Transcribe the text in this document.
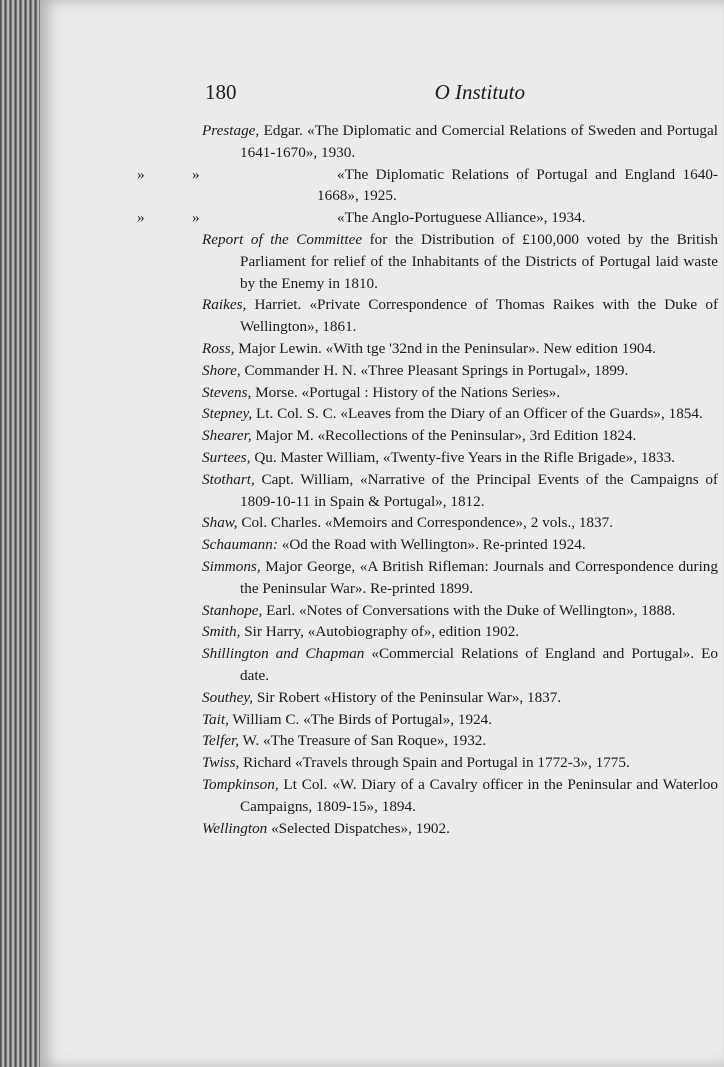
180	O Instituto

Prestage, Edgar. «The Diplomatic and Comercial Relations of Sweden and Portugal 1641-1670», 1930.

»	»	«The Diplomatic Relations of Portugal and England 1640-1668», 1925.

»	»	«The Anglo-Portuguese Alliance», 1934.

Report of the Committee for the Distribution of £100,000 voted by the British Parliament for relief of the Inhabitants of the Districts of Portugal laid waste by the Enemy in 1810.

Raikes, Harriet. «Private Correspondence of Thomas Raikes with the Duke of Wellington», 1861.

Ross, Major Lewin. «With tge '32nd in the Peninsular». New edition 1904.

Shore, Commander H. N. «Three Pleasant Springs in Portugal», 1899.

Stevens, Morse. «Portugal : History of the Nations Series».

Stepney, Lt. Col. S. C. «Leaves from the Diary of an Officer of the Guards», 1854.

Shearer, Major M. «Recollections of the Peninsular», 3rd Edition 1824.

Surtees, Qu. Master William, «Twenty-five Years in the Rifle Brigade», 1833.

Stothart, Capt. William, «Narrative of the Principal Events of the Campaigns of 1809-10-11 in Spain & Portugal», 1812.

Shaw, Col. Charles. «Memoirs and Correspondence», 2 vols., 1837.

Schaumann: «Od the Road with Wellington». Re-printed 1924.

Simmons, Major George, «A British Rifleman: Journals and Correspondence during the Peninsular War». Re-printed 1899.

Stanhope, Earl. «Notes of Conversations with the Duke of Wellington», 1888.

Smith, Sir Harry, «Autobiography of», edition 1902.

Shillington and Chapman «Commercial Relations of England and Portugal». Eo date.

Southey, Sir Robert «History of the Peninsular War», 1837.

Tait, William C. «The Birds of Portugal», 1924.

Telfer, W. «The Treasure of San Roque», 1932.

Twiss, Richard «Travels through Spain and Portugal in 1772-3», 1775.

Tompkinson, Lt Col. «W. Diary of a Cavalry officer in the Peninsular and Waterloo Campaigns, 1809-15», 1894.

Wellington «Selected Dispatches», 1902.
